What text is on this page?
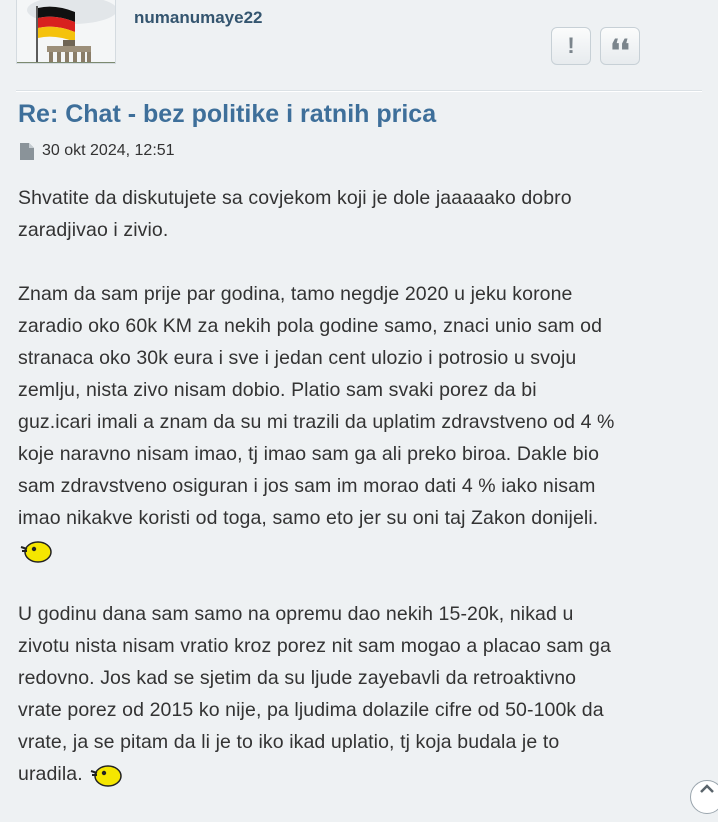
numanumaye22
! ❛❛
Re: Chat - bez politike i ratnih prica
30 okt 2024, 12:51

Shvatite da diskutujete sa covjekom koji je dole jaaaaako dobro
zaradjivao i zivio.

Znam da sam prije par godina, tamo negdje 2020 u jeku korone
zaradio oko 60k KM za nekih pola godine samo, znaci unio sam od
stranaca oko 30k eura i sve i jedan cent ulozio i potrosio u svoju
zemlju, nista zivo nisam dobio. Platio sam svaki porez da bi
guz.icari imali a znam da su mi trazili da uplatim zdravstveno od 4 %
koje naravno nisam imao, tj imao sam ga ali preko biroa. Dakle bio
sam zdravstveno osiguran i jos sam im morao dati 4 % iako nisam
imao nikakve koristi od toga, samo eto jer su oni taj Zakon donijeli.

U godinu dana sam samo na opremu dao nekih 15-20k, nikad u
zivotu nista nisam vratio kroz porez nit sam mogao a placao sam ga
redovno. Jos kad se sjetim da su ljude zayebavli da retroaktivno
vrate porez od 2015 ko nije, pa ljudima dolazile cifre od 50-100k da
vrate, ja se pitam da li je to iko ikad uplatio, tj koja budala je to
uradila.
